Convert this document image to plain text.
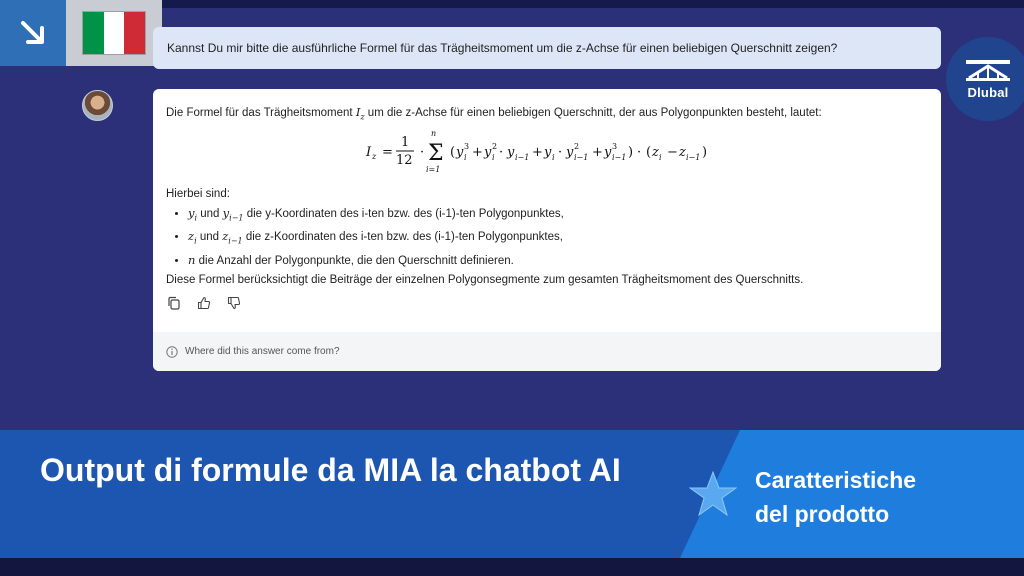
Kannst Du mir bitte die ausführliche Formel für das Trägheitsmoment um die z-Achse für einen beliebigen Querschnitt zeigen?
Dlubal
Die Formel für das Trägheitsmoment $I_z$ um die z-Achse für einen beliebigen Querschnitt, der aus Polygonpunkten besteht, lautet:
I z =
1
12
·
n
Σ
i=1
( y 3
i + y 2
i · y i−1 + y i · y 2
i−1 + y 3
i−1 ) · ( z i − z i−1 )
Hierbei sind:
• $y_i$ und $y_{i-1}$ die y-Koordinaten des i-ten bzw. des (i-1)-ten Polygonpunktes,
• $z_i$ und $z_{i-1}$ die z-Koordinaten des i-ten bzw. des (i-1)-ten Polygonpunktes,
• n die Anzahl der Polygonpunkte, die den Querschnitt definieren.
Diese Formel berücksichtigt die Beiträge der einzelnen Polygonsegmente zum gesamten Trägheitsmoment des Querschnitts.
Where did this answer come from?
Output di formule da MIA la chatbot AI	Caratteristiche
del prodotto
